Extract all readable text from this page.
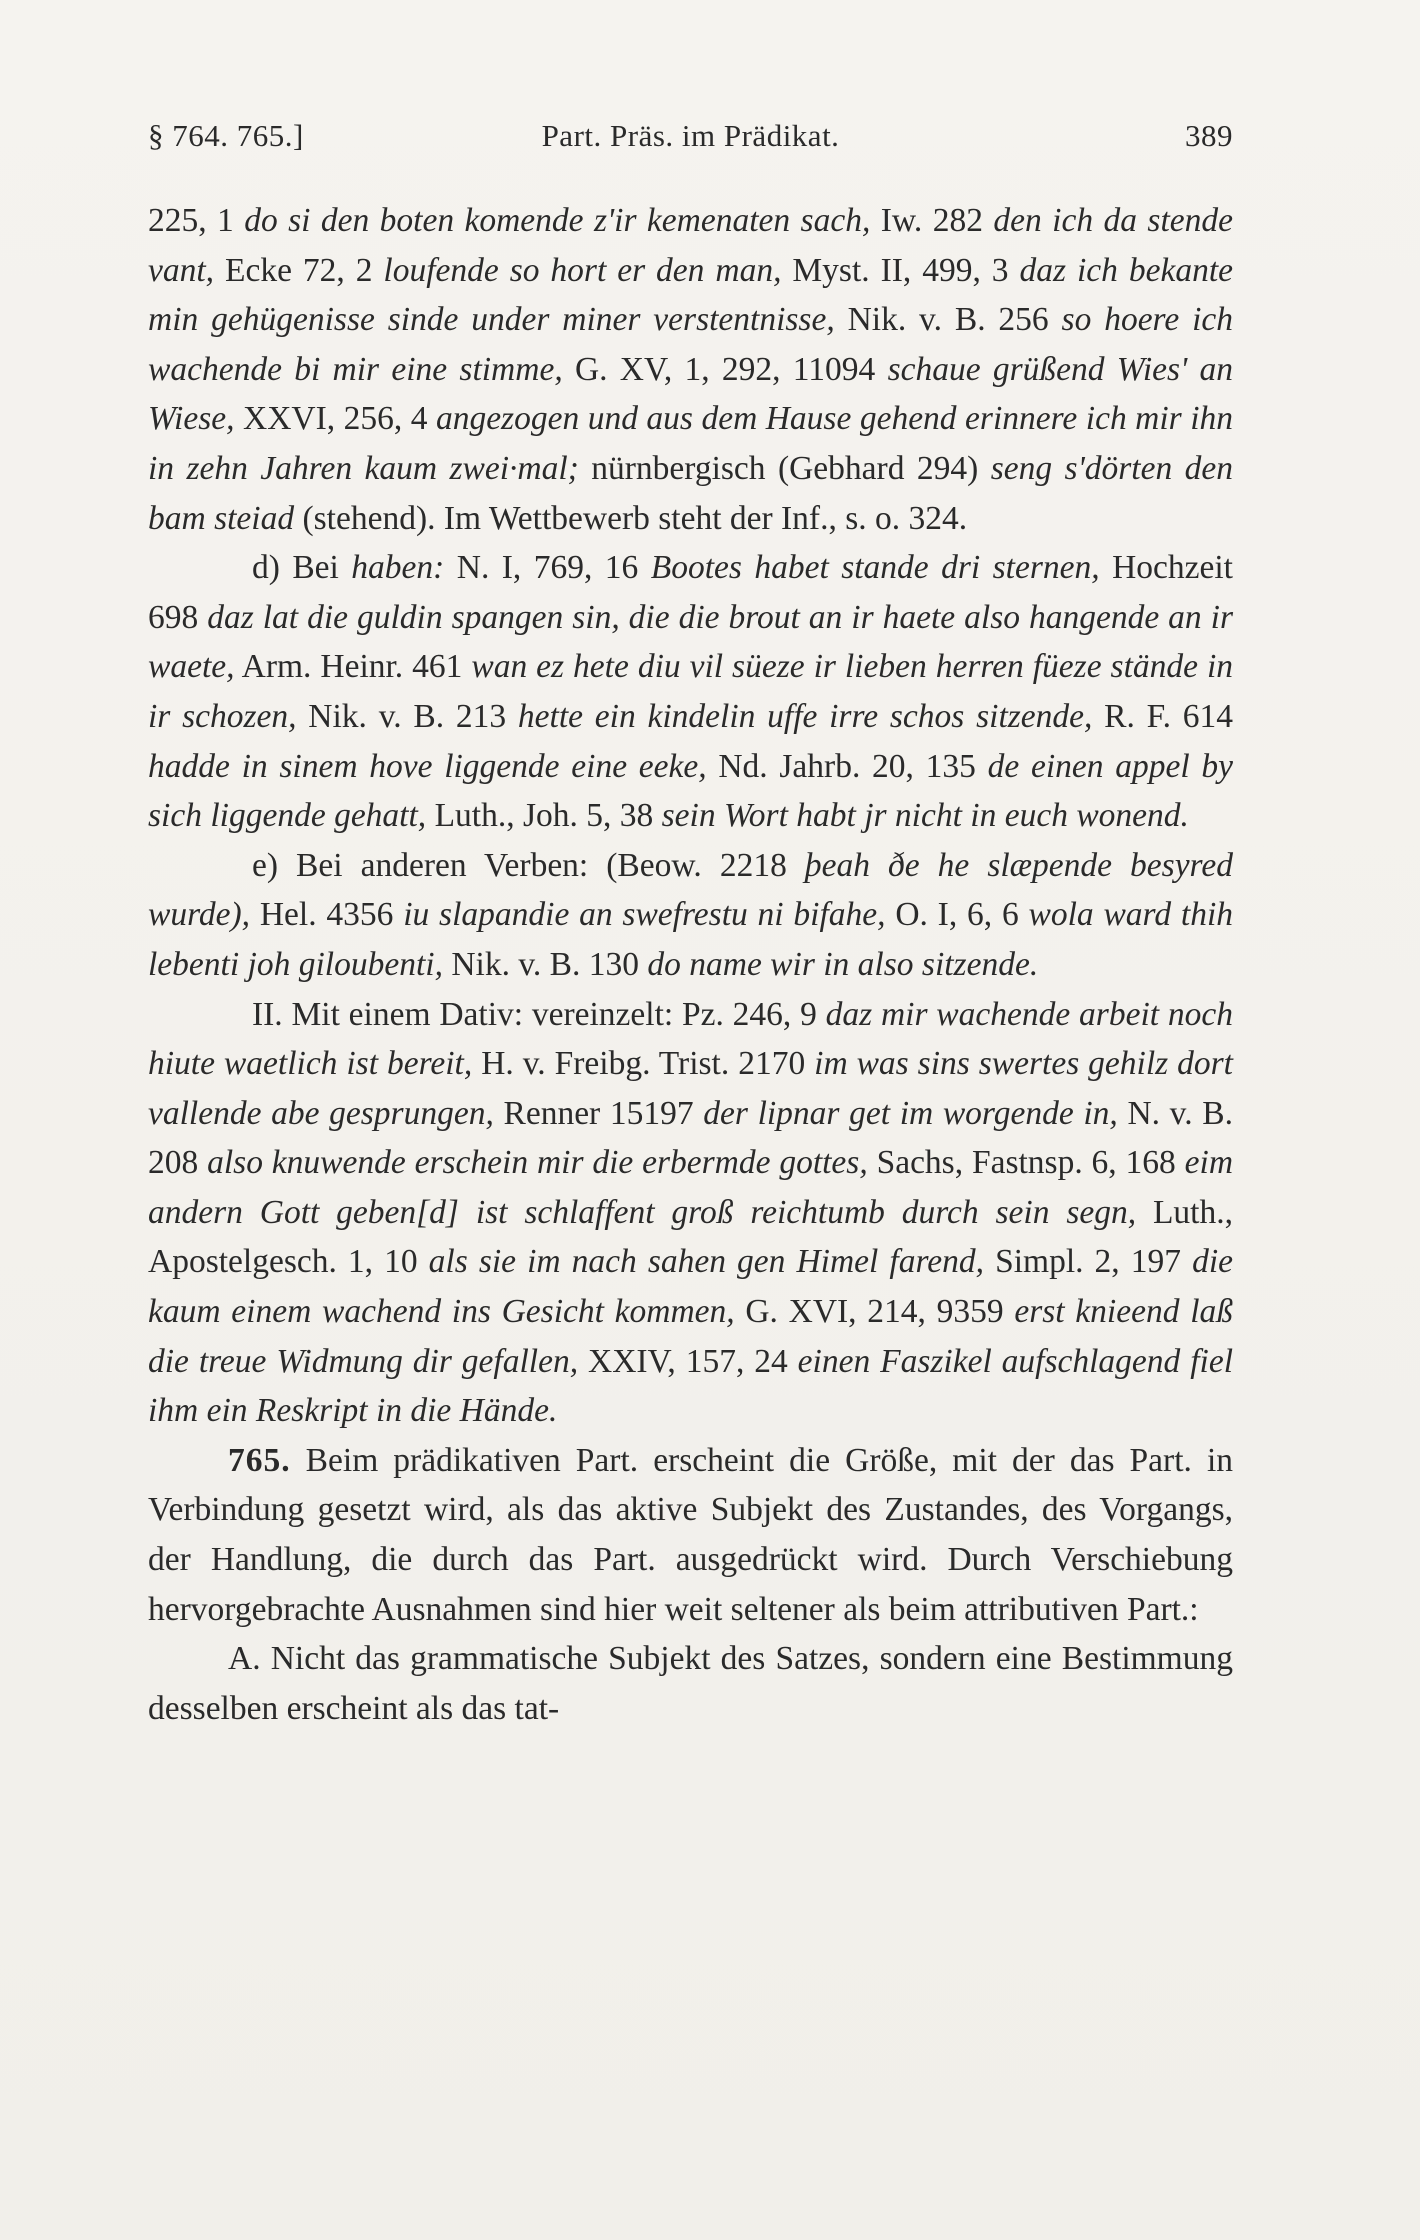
§ 764. 765.]	Part. Präs. im Prädikat.	389

225, 1 do si den boten komende z'ir kemenaten sach, Iw. 282 den ich da stende vant, Ecke 72, 2 loufende so hort er den man, Myst. II, 499, 3 daz ich bekante min gehügenisse sinde under miner verstentnisse, Nik. v. B. 256 so hoere ich wachende bi mir eine stimme, G. XV, 1, 292, 11094 schaue grüßend Wies' an Wiese, XXVI, 256, 4 angezogen und aus dem Hause gehend erinnere ich mir ihn in zehn Jahren kaum zwei·mal; nürnbergisch (Gebhard 294) seng s'dörten den bam steiad (stehend). Im Wettbewerb steht der Inf., s. o. 324.

d) Bei haben: N. I, 769, 16 Bootes habet stande dri sternen, Hochzeit 698 daz lat die guldin spangen sin, die die brout an ir haete also hangende an ir waete, Arm. Heinr. 461 wan ez hete diu vil süeze ir lieben herren füeze stände in ir schozen, Nik. v. B. 213 hette ein kindelin uffe irre schos sitzende, R. F. 614 hadde in sinem hove liggende eine eeke, Nd. Jahrb. 20, 135 de einen appel by sich liggende gehatt, Luth., Joh. 5, 38 sein Wort habt jr nicht in euch wonend.

e) Bei anderen Verben: (Beow. 2218 þeah ðe he slæpende besyred wurde), Hel. 4356 iu slapandie an swefrestu ni bifahe, O. I, 6, 6 wola ward thih lebenti joh giloubenti, Nik. v. B. 130 do name wir in also sitzende.

II. Mit einem Dativ: vereinzelt: Pz. 246, 9 daz mir wachende arbeit noch hiute waetlich ist bereit, H. v. Freibg. Trist. 2170 im was sins swertes gehilz dort vallende abe gesprungen, Renner 15197 der lipnar get im worgende in, N. v. B. 208 also knuwende erschein mir die erbermde gottes, Sachs, Fastnsp. 6, 168 eim andern Gott geben[d] ist schlaffent groß reichtumb durch sein segn, Luth., Apostelgesch. 1, 10 als sie im nach sahen gen Himel farend, Simpl. 2, 197 die kaum einem wachend ins Gesicht kommen, G. XVI, 214, 9359 erst knieend laß die treue Widmung dir gefallen, XXIV, 157, 24 einen Faszikel aufschlagend fiel ihm ein Reskript in die Hände.

765. Beim prädikativen Part. erscheint die Größe, mit der das Part. in Verbindung gesetzt wird, als das aktive Subjekt des Zustandes, des Vorgangs, der Handlung, die durch das Part. ausgedrückt wird. Durch Verschiebung hervorgebrachte Ausnahmen sind hier weit seltener als beim attributiven Part.:

A. Nicht das grammatische Subjekt des Satzes, sondern eine Bestimmung desselben erscheint als das tat-
